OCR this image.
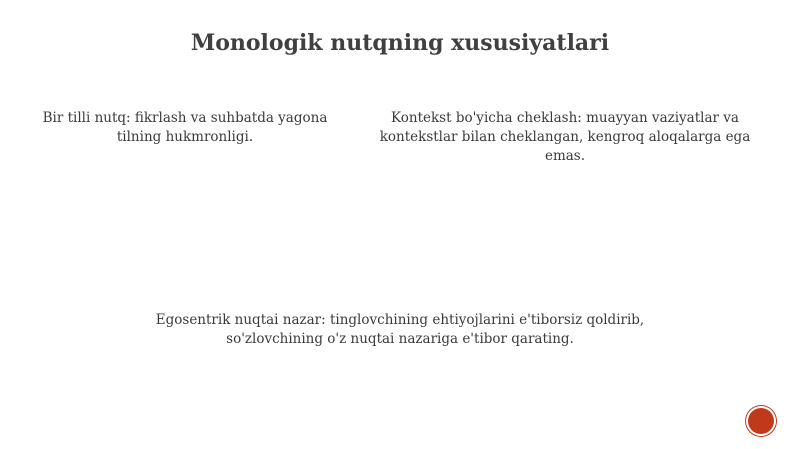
Monologik nutqning xususiyatlari

Bir tilli nutq: fikrlash va suhbatda yagona tilning hukmronligi.

Kontekst bo'yicha cheklash: muayyan vaziyatlar va kontekstlar bilan cheklangan, kengroq aloqalarga ega emas.

Egosentrik nuqtai nazar: tinglovchining ehtiyojlarini e'tiborsiz qoldirib, so'zlovchining o'z nuqtai nazariga e'tibor qarating.
